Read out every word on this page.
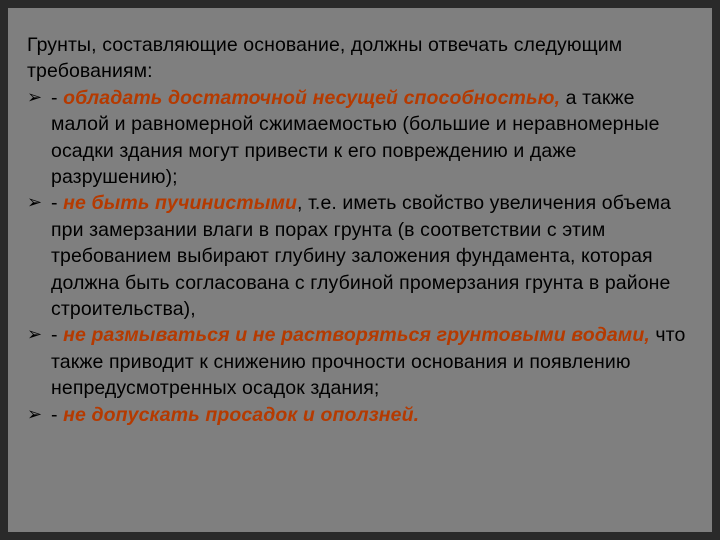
Грунты, составляющие основание, должны отвечать следующим требованиям:

➢ - обладать достаточной несущей способностью, а также малой и равномерной сжимаемостью (большие и неравномерные осадки здания могут привести к его повреждению и даже разрушению);

➢ - не быть пучинистыми, т.е. иметь свойство увеличения объема при замерзании влаги в порах грунта (в соответствии с этим требованием выбирают глубину заложения фундамента, которая должна быть согласована с глубиной промерзания грунта в районе строительства),

➢ - не размываться и не растворяться грунтовыми водами, что также приводит к снижению прочности основания и появлению непредусмотренных осадок здания;

➢ - не допускать просадок и оползней.
